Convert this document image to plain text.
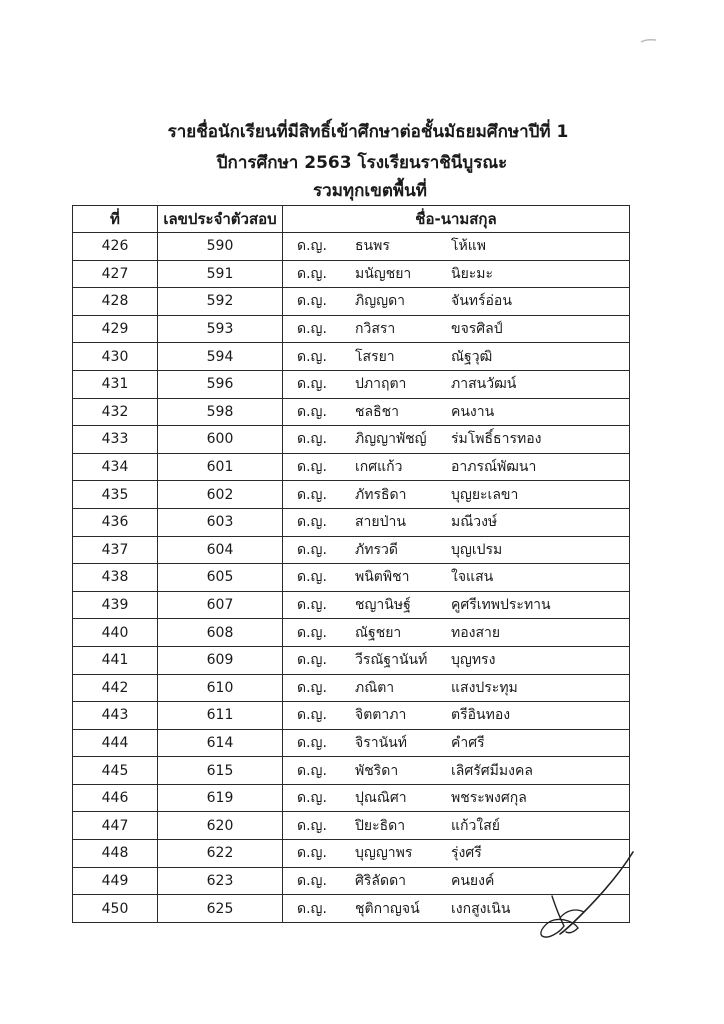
รายชื่อนักเรียนที่มีสิทธิ์เข้าศึกษาต่อชั้นมัธยมศึกษาปีที่ 1
ปีการศึกษา 2563 โรงเรียนราชินีบูรณะ
รวมทุกเขตพื้นที่
ที่	เลขประจำตัวสอบ	ชื่อ-นามสกุล
426	590	ด.ญ. ธนพร โห้แพ

427	591	ด.ญ. มนัญชยา นิยะมะ

428	592	ด.ญ. ภิญญดา จันทร์อ่อน

429	593	ด.ญ. กวิสรา ขจรศิลป์

430	594	ด.ญ. โสรยา ณัฐวุฒิ

431	596	ด.ญ. ปภาฤตา ภาสนวัฒน์

432	598	ด.ญ. ชลธิชา คนงาน

433	600	ด.ญ. ภิญญาพัชญ์ ร่มโพธิ์ธารทอง

434	601	ด.ญ. เกศแก้ว อาภรณ์พัฒนา

435	602	ด.ญ. ภัทรธิดา บุญยะเลขา

436	603	ด.ญ. สายป่าน มณีวงษ์

437	604	ด.ญ. ภัทรวดี บุญเปรม

438	605	ด.ญ. พนิตพิชา ใจแสน

439	607	ด.ญ. ชญานิษฐ์ คูศรีเทพประทาน

440	608	ด.ญ. ณัฐชยา ทองสาย

441	609	ด.ญ. วีรณัฐานันท์ บุญทรง

442	610	ด.ญ. ภณิตา แสงประทุม

443	611	ด.ญ. จิตตาภา ตรีอินทอง

444	614	ด.ญ. จิรานันท์ คำศรี

445	615	ด.ญ. พัชริดา เลิศรัศมีมงคล

446	619	ด.ญ. ปุณณิศา พชระพงศกุล

447	620	ด.ญ. ปิยะธิดา แก้วใสย์

448	622	ด.ญ. บุญญาพร รุ่งศรี

449	623	ด.ญ. ศิริลัดดา คนยงค์

450	625	ด.ญ. ชุติกาญจน์ เงกสูงเนิน
